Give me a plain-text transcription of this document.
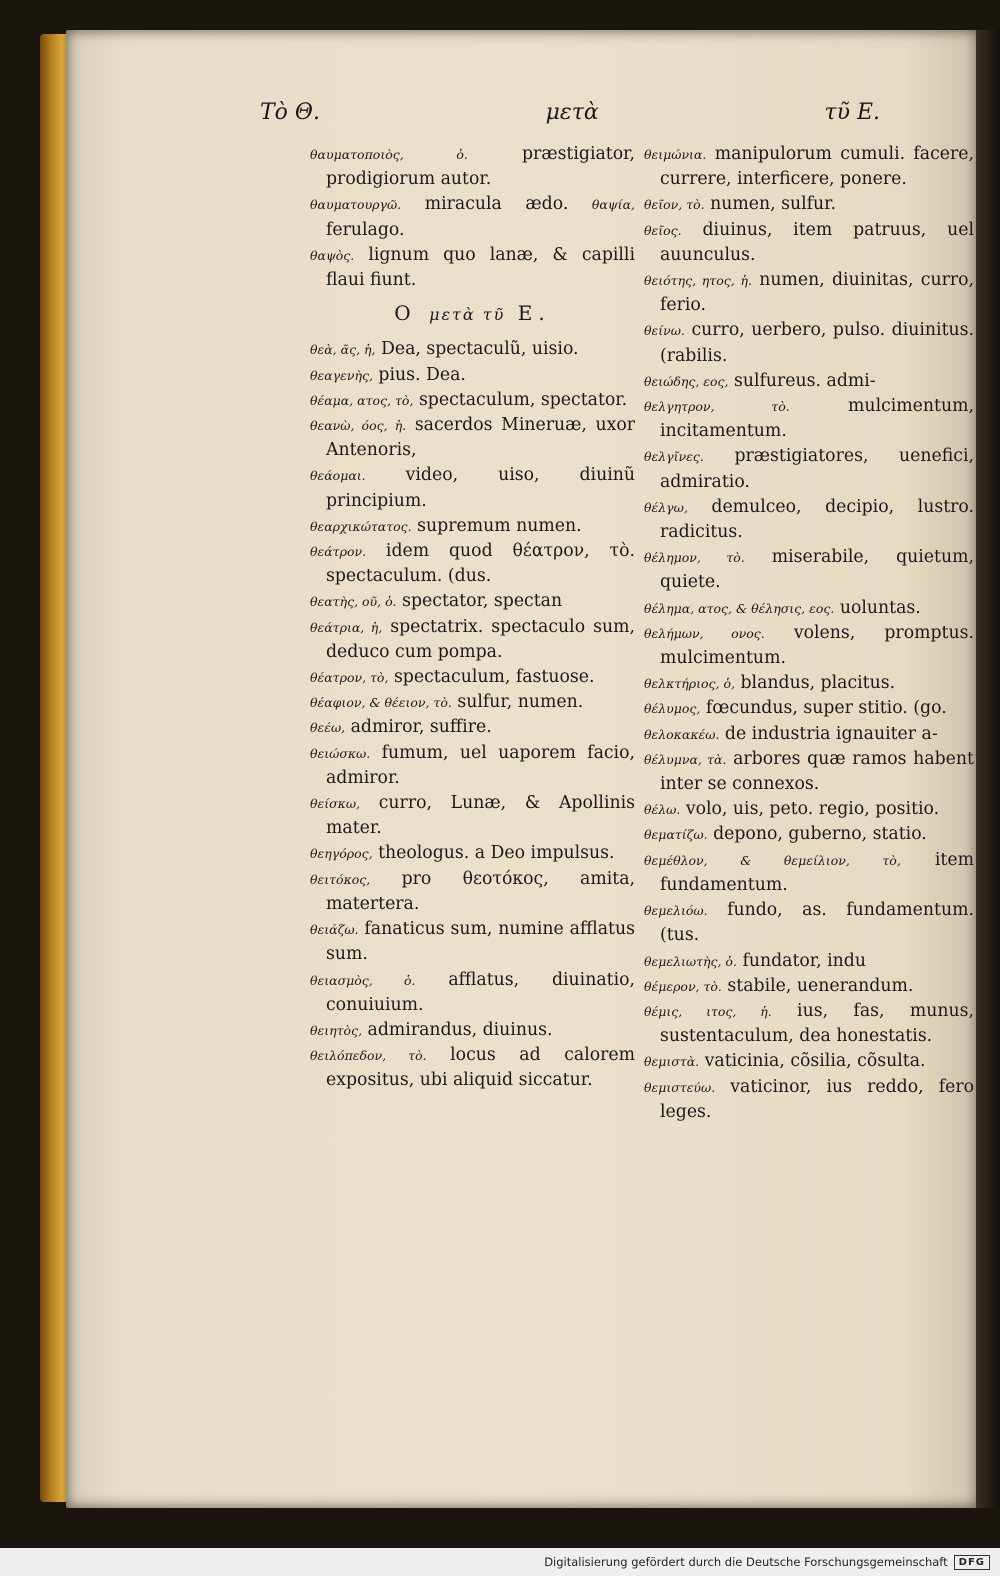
Τὸ Θ.	μετὰ	τῦ Ε.

θαυματοποιὸς, ὁ.	præstigiator, prodigiorum autor.

θαυματουργῶ. miracula ædo. θαψία, ferulago.

θαψὸς. lignum quo lanæ, & capilli flaui fiunt.

Ο μετὰ τῦ Ε.

θεὰ, ᾶς, ἡ, Dea, spectaculũ, uisio.

θεαγενὴς, pius. Dea.

θέαμα, ατος, τὸ, spectaculum, spectator.

θεανὼ, όος, ἡ. sacerdos Mineruæ, uxor Antenoris,

θεάομαι. video, uiso, diuinũ principium.

θεαρχικώτατος. supremum numen.

θεάτρον. idem quod θέατρον, τὸ. spectaculum. (dus.

θεατὴς, οῦ, ὁ. spectator, spectan

θεάτρια, ἡ, spectatrix. spectaculo sum, deduco cum pompa.

θέατρον, τὸ, spectaculum, fastuose.

θέαφιον, & θέειον, τὸ. sulfur, numen.

θεέω, admiror, suffire.

θειώσκω. fumum, uel uaporem facio, admiror.

θείσκω, curro, Lunæ, & Apollinis mater.

θεηγόρος, theologus. a Deo impulsus.

θειτόκος, pro θεοτόκος, amita, matertera.

θειάζω. fanaticus sum, numine afflatus sum.

θειασμὸς, ὁ. afflatus, diuinatio, conuiuium.

θειητὸς, admirandus, diuinus.

θειλόπεδον, τὸ. locus ad calorem expositus, ubi aliquid siccatur.

θειμώνια. manipulorum cumuli. facere, currere, interficere, ponere.

θεῖον, τὸ. numen, sulfur.

θεῖος. diuinus, item patruus, uel auunculus.

θειότης, ητος, ἡ. numen, diuinitas, curro, ferio.

θείνω. curro, uerbero, pulso. diuinitus. (rabilis.

θειώδης, εος, sulfureus. admi-

θελγητρον, τὸ.	mulcimentum, incitamentum.

θελγῖνες. præstigiatores, uenefici, admiratio.

θέλγω, demulceo, decipio, lustro. radicitus.

θέλημον, τὸ. miserabile, quietum, quiete.

θέλημα, ατος, & θέλησις, εος. uoluntas.

θελήμων, ονος. volens, promptus. mulcimentum.

θελκτήριος, ὁ, blandus, placitus.

θέλυμος, fœcundus, super stitio. (go.

θελοκακέω. de industria ignauiter a-

θέλυμνα, τὰ. arbores quæ ramos habent inter se connexos.

θέλω. volo, uis, peto. regio, positio.

θεματίζω. depono, guberno, statio.

θεμέθλον, & θεμείλιον, τὸ, item fundamentum.

θεμελιόω. fundo, as. fundamentum. (tus.

θεμελιωτὴς, ὁ. fundator, indu

θέμερον, τὸ. stabile, uenerandum.

θέμις, ιτος, ἡ. ius, fas, munus, sustentaculum, dea honestatis.

θεμιστὰ. vaticinia, cõsilia, cõsulta.

θεμιστεύω. vaticinor, ius reddo, fero leges.

Digitalisierung gefördert durch die Deutsche Forschungsgemeinschaft	DFG
